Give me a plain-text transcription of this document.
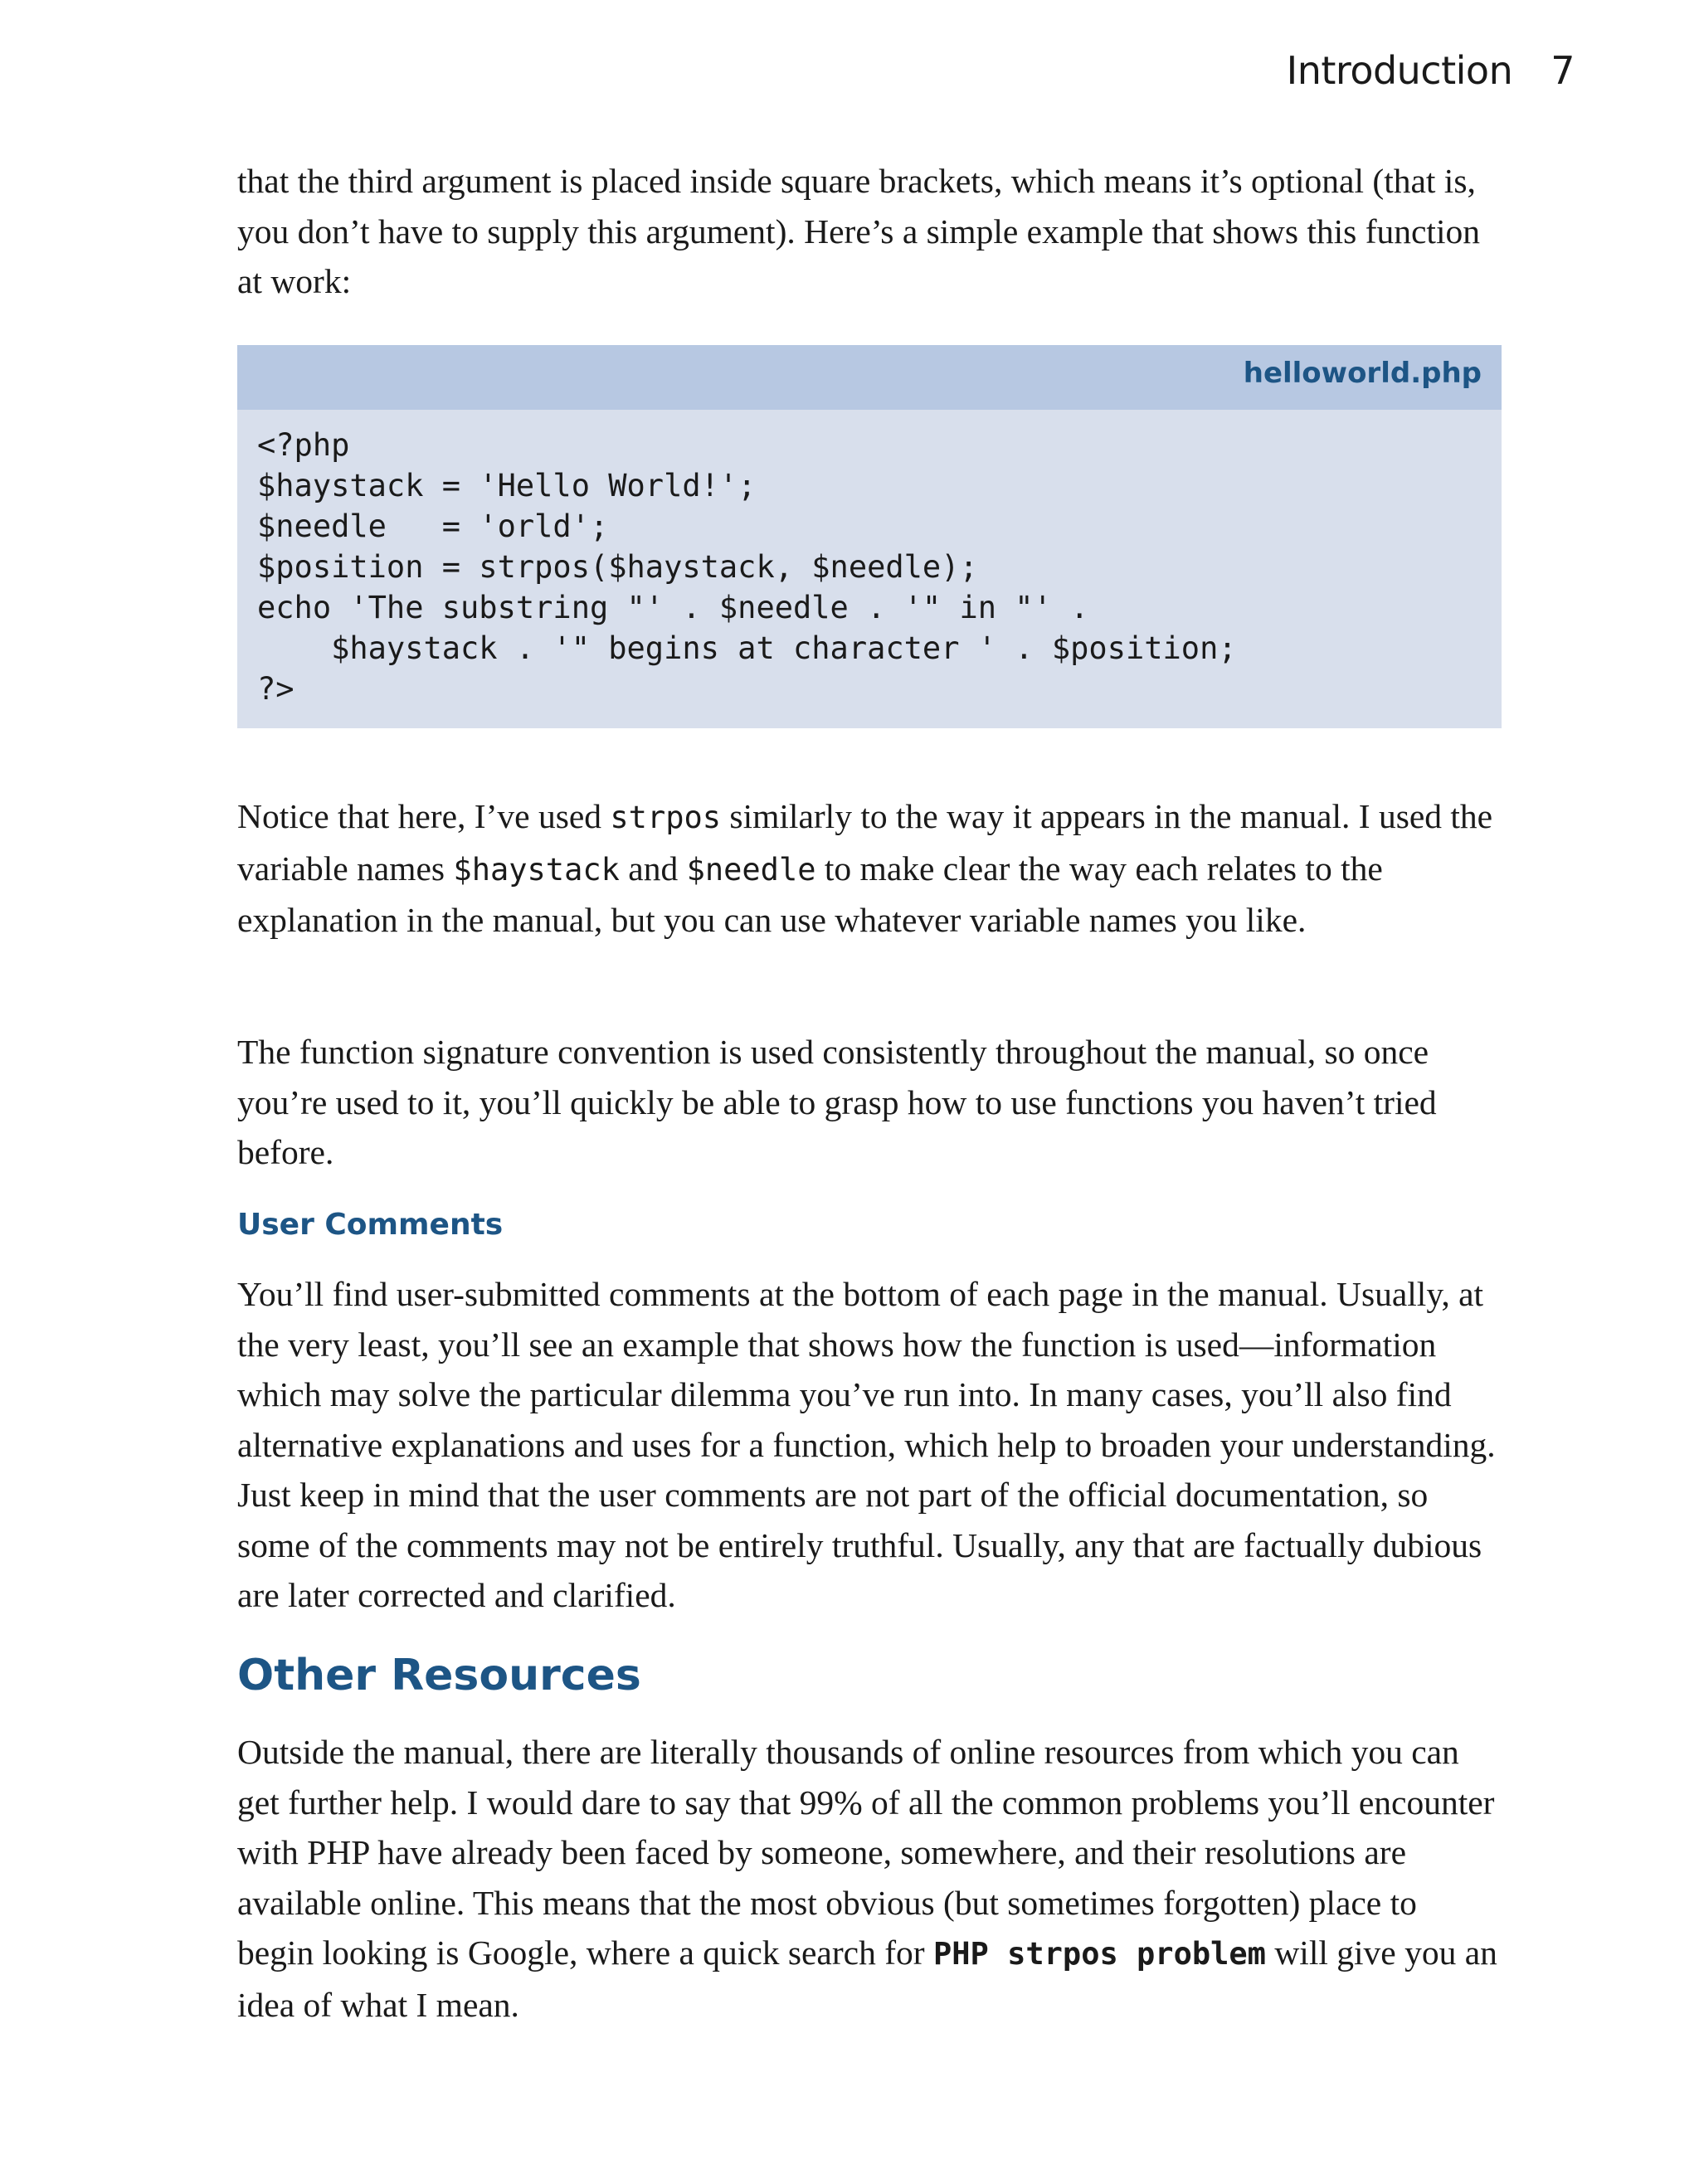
Introduction 7

that the third argument is placed inside square brackets, which means it’s optional (that is, you don’t have to supply this argument). Here’s a simple example that shows this function at work:

helloworld.php
<?php
$haystack = 'Hello World!';
$needle   = 'orld';
$position = strpos($haystack, $needle);
echo 'The substring "' . $needle . '" in "' .
$haystack . '" begins at character ' . $position;
?>

Notice that here, I’ve used strpos similarly to the way it appears in the manual. I used the variable names $haystack and $needle to make clear the way each relates to the explanation in the manual, but you can use whatever variable names you like.

The function signature convention is used consistently throughout the manual, so once you’re used to it, you’ll quickly be able to grasp how to use functions you haven’t tried before.

User Comments

You’ll find user-submitted comments at the bottom of each page in the manual. Usually, at the very least, you’ll see an example that shows how the function is used—information which may solve the particular dilemma you’ve run into. In many cases, you’ll also find alternative explanations and uses for a function, which help to broaden your understanding. Just keep in mind that the user comments are not part of the official documentation, so some of the comments may not be entirely truthful. Usually, any that are factually dubious are later corrected and clarified.

Other Resources

Outside the manual, there are literally thousands of online resources from which you can get further help. I would dare to say that 99% of all the common problems you’ll encounter with PHP have already been faced by someone, somewhere, and their resolutions are available online. This means that the most obvious (but sometimes forgotten) place to begin looking is Google, where a quick search for PHP strpos problem will give you an idea of what I mean.
